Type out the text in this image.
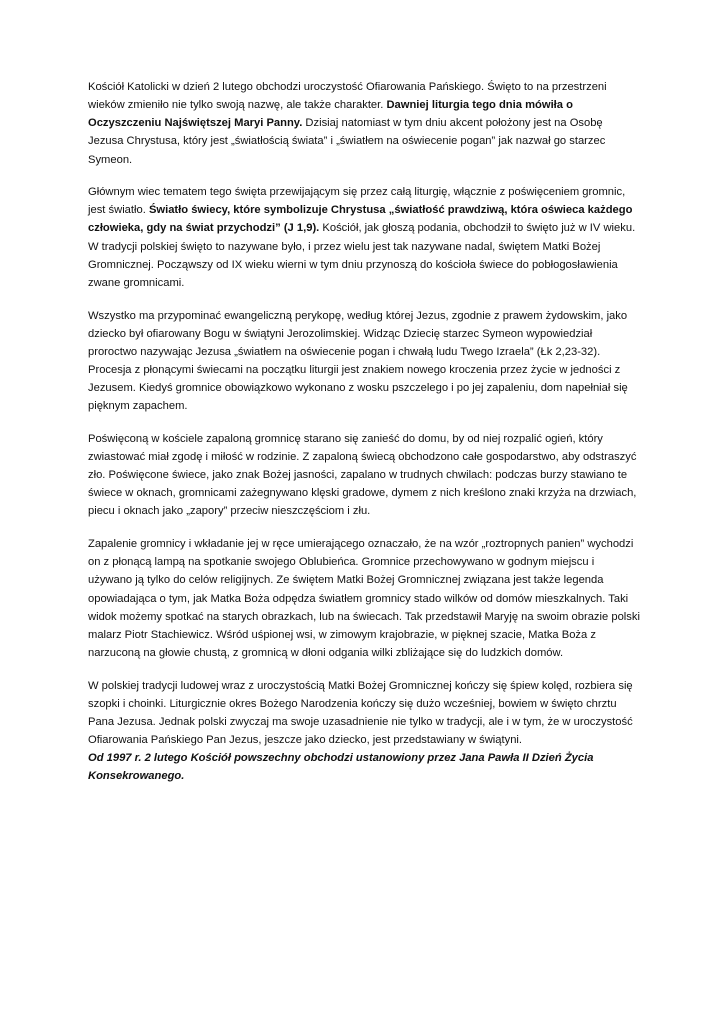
Kościół Katolicki w dzień 2 lutego obchodzi uroczystość Ofiarowania Pańskiego. Święto to na przestrzeni wieków zmieniło nie tylko swoją nazwę, ale także charakter. Dawniej liturgia tego dnia mówiła o Oczyszczeniu Najświętszej Maryi Panny. Dzisiaj natomiast w tym dniu akcent położony jest na Osobę Jezusa Chrystusa, który jest „światłością świata” i „światłem na oświecenie pogan” jak nazwał go starzec Symeon.

Głównym wiec tematem tego święta przewijającym się przez całą liturgię, włącznie z poświęceniem gromnic, jest światło. Światło świecy, które symbolizuje Chrystusa „światłość prawdziwą, która oświeca każdego człowieka, gdy na świat przychodzi” (J 1,9). Kościół, jak głoszą podania, obchodził to święto już w IV wieku. W tradycji polskiej święto to nazywane było, i przez wielu jest tak nazywane nadal, świętem Matki Bożej Gromnicznej. Począwszy od IX wieku wierni w tym dniu przynoszą do kościoła świece do pobłogosławienia zwane gromnicami.

Wszystko ma przypominać ewangeliczną perykopę, według której Jezus, zgodnie z prawem żydowskim, jako dziecko był ofiarowany Bogu w świątyni Jerozolimskiej. Widząc Dziecię starzec Symeon wypowiedział proroctwo nazywając Jezusa „światłem na oświecenie pogan i chwałą ludu Twego Izraela” (Łk 2,23-32). Procesja z płonącymi świecami na początku liturgii jest znakiem nowego kroczenia przez życie w jedności z Jezusem. Kiedyś gromnice obowiązkowo wykonano z wosku pszczelego i po jej zapaleniu, dom napełniał się pięknym zapachem.

Poświęconą w kościele zapaloną gromnicę starano się zanieść do domu, by od niej rozpalić ogień, który zwiastować miał zgodę i miłość w rodzinie. Z zapaloną świecą obchodzono całe gospodarstwo, aby odstraszyć zło. Poświęcone świece, jako znak Bożej jasności, zapalano w trudnych chwilach: podczas burzy stawiano te świece w oknach, gromnicami zażegnywano klęski gradowe, dymem z nich kreślono znaki krzyża na drzwiach, piecu i oknach jako „zapory” przeciw nieszczęściom i złu.

Zapalenie gromnicy i wkładanie jej w ręce umierającego oznaczało, że na wzór „roztropnych panien” wychodzi on z płonącą lampą na spotkanie swojego Oblubieńca. Gromnice przechowywano w godnym miejscu i używano ją tylko do celów religijnych. Ze świętem Matki Bożej Gromnicznej związana jest także legenda opowiadająca o tym, jak Matka Boża odpędza światłem gromnicy stado wilków od domów mieszkalnych. Taki widok możemy spotkać na starych obrazkach, lub na świecach. Tak przedstawił Maryję na swoim obrazie polski malarz Piotr Stachiewicz. Wśród uśpionej wsi, w zimowym krajobrazie, w pięknej szacie, Matka Boża z narzuconą na głowie chustą, z gromnicą w dłoni odgania wilki zbliżające się do ludzkich domów.

W polskiej tradycji ludowej wraz z uroczystością Matki Bożej Gromnicznej kończy się śpiew kolęd, rozbiera się szopki i choinki. Liturgicznie okres Bożego Narodzenia kończy się dużo wcześniej, bowiem w święto chrztu Pana Jezusa. Jednak polski zwyczaj ma swoje uzasadnienie nie tylko w tradycji, ale i w tym, że w uroczystość Ofiarowania Pańskiego Pan Jezus, jeszcze jako dziecko, jest przedstawiany w świątyni.

Od 1997 r. 2 lutego Kościół powszechny obchodzi ustanowiony przez Jana Pawła II Dzień Życia Konsekrowanego.
